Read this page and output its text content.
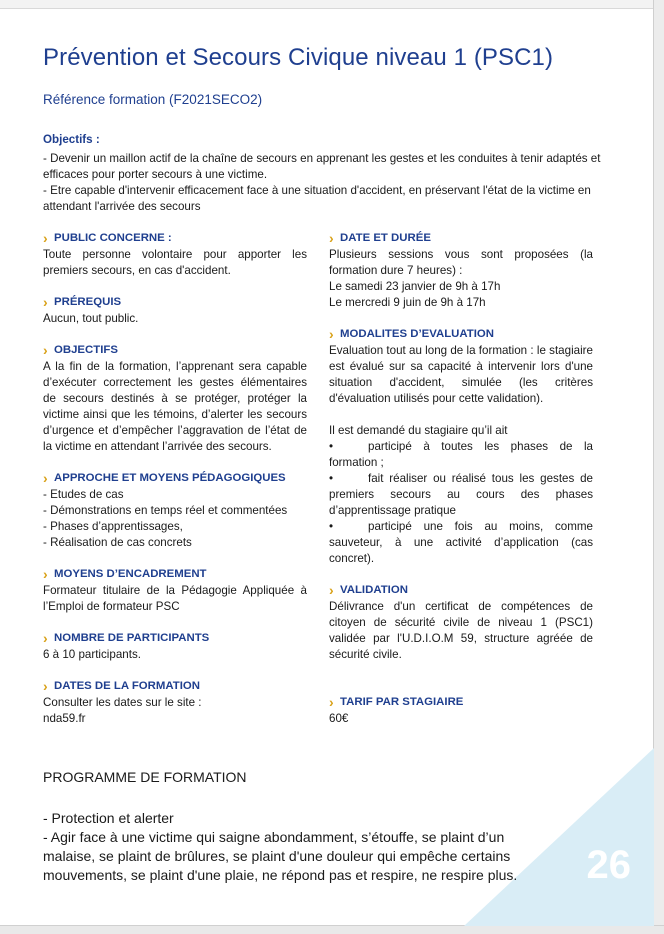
26
Prévention et Secours Civique niveau 1 (PSC1)
Référence formation (F2021SECO2)
Objectifs :
- Devenir un maillon actif de la chaîne de secours en apprenant les gestes et les conduites à tenir adaptés et efficaces pour porter secours à une victime.
- Etre capable d'intervenir efficacement face à une situation d'accident, en préservant l'état de la victime en attendant l'arrivée des secours
› PUBLIC CONCERNE :
Toute personne volontaire pour apporter les premiers secours, en cas d'accident.
› PRÉREQUIS
Aucun, tout public.
› OBJECTIFS
A la fin de la formation, l’apprenant sera capable d’exécuter correctement les gestes élémentaires de secours destinés à se protéger, protéger la victime ainsi que les témoins, d’alerter les secours d’urgence et d’empêcher l’aggravation de l’état de la victime en attendant l’arrivée des secours.
› APPROCHE ET MOYENS PÉDAGOGIQUES
- Etudes de cas
- Démonstrations en temps réel et commentées
- Phases d’apprentissages,
- Réalisation de cas concrets
› MOYENS D’ENCADREMENT
Formateur titulaire de la Pédagogie Appliquée à l’Emploi de formateur PSC
› NOMBRE DE PARTICIPANTS
6 à 10 participants.
› DATES DE LA FORMATION
Consulter les dates sur le site :
nda59.fr
› DATE ET DURÉE
Plusieurs sessions vous sont proposées (la formation dure 7 heures) :
Le samedi 23 janvier de 9h à 17h
Le mercredi 9 juin de 9h à 17h
› MODALITES D’EVALUATION
Evaluation tout au long de la formation : le stagiaire est évalué sur sa capacité à intervenir lors d'une situation d'accident, simulée (les critères d'évaluation utilisés pour cette validation).
Il est demandé du stagiaire qu’il ait
•	participé à toutes les phases de la
formation ;
•	fait réaliser ou réalisé tous les gestes de
premiers secours au cours des phases d’apprentissage pratique
•	participé une fois au moins, comme
sauveteur, à une activité d’application (cas concret).
› VALIDATION
Délivrance d'un certificat de compétences de citoyen de sécurité civile de niveau 1 (PSC1) validée par l'U.D.I.O.M 59, structure agréée de sécurité civile.
› TARIF PAR STAGIAIRE
60€
PROGRAMME DE FORMATION
- Protection et alerter
- Agir face à une victime qui saigne abondamment, s’étouffe, se plaint d’un malaise, se plaint de brûlures, se plaint d'une douleur qui empêche certains mouvements, se plaint d'une plaie, ne répond pas et respire, ne respire plus.
